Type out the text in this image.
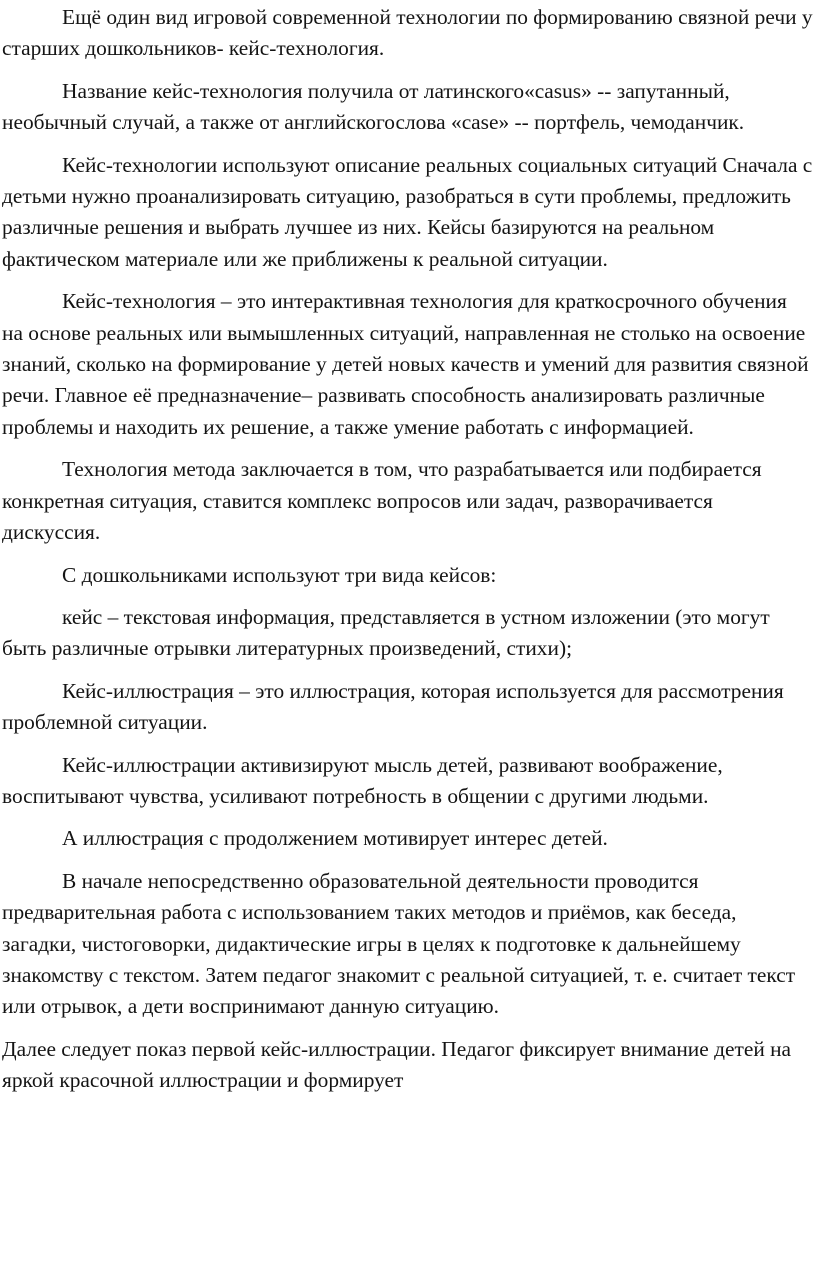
Ещё один вид игровой современной технологии по формированию связной речи у старших дошкольников- кейс-технология.

Название кейс-технология получила от латинского«casus» -- запутанный, необычный случай, а также от английскогослова «case» -- портфель, чемоданчик.

Кейс-технологии используют описание реальных социальных ситуаций Сначала с детьми нужно проанализировать ситуацию, разобраться в сути проблемы, предложить различные решения и выбрать лучшее из них. Кейсы базируются на реальном фактическом материале или же приближены к реальной ситуации.

Кейс-технология – это интерактивная технология для краткосрочного обучения на основе реальных или вымышленных ситуаций, направленная не столько на освоение знаний, сколько на формирование у детей новых качеств и умений для развития связной речи. Главное её предназначение– развивать способность анализировать различные проблемы и находить их решение, а также умение работать с информацией.

Технология метода заключается в том, что разрабатывается или подбирается конкретная ситуация, ставится комплекс вопросов или задач, разворачивается дискуссия.

С дошкольниками используют три вида кейсов:

кейс – текстовая информация, представляется в устном изложении (это могут быть различные отрывки литературных произведений, стихи);

Кейс-иллюстрация – это иллюстрация, которая используется для рассмотрения проблемной ситуации.

Кейс-иллюстрации активизируют мысль детей, развивают воображение, воспитывают чувства, усиливают потребность в общении с другими людьми.

А иллюстрация с продолжением мотивирует интерес детей.

В начале непосредственно образовательной деятельности проводится предварительная работа с использованием таких методов и приёмов, как беседа, загадки, чистоговорки, дидактические игры в целях к подготовке к дальнейшему знакомству с текстом. Затем педагог знакомит с реальной ситуацией, т. е. считает текст или отрывок, а дети воспринимают данную ситуацию.

Далее следует показ первой кейс-иллюстрации. Педагог фиксирует внимание детей на яркой красочной иллюстрации и формирует
